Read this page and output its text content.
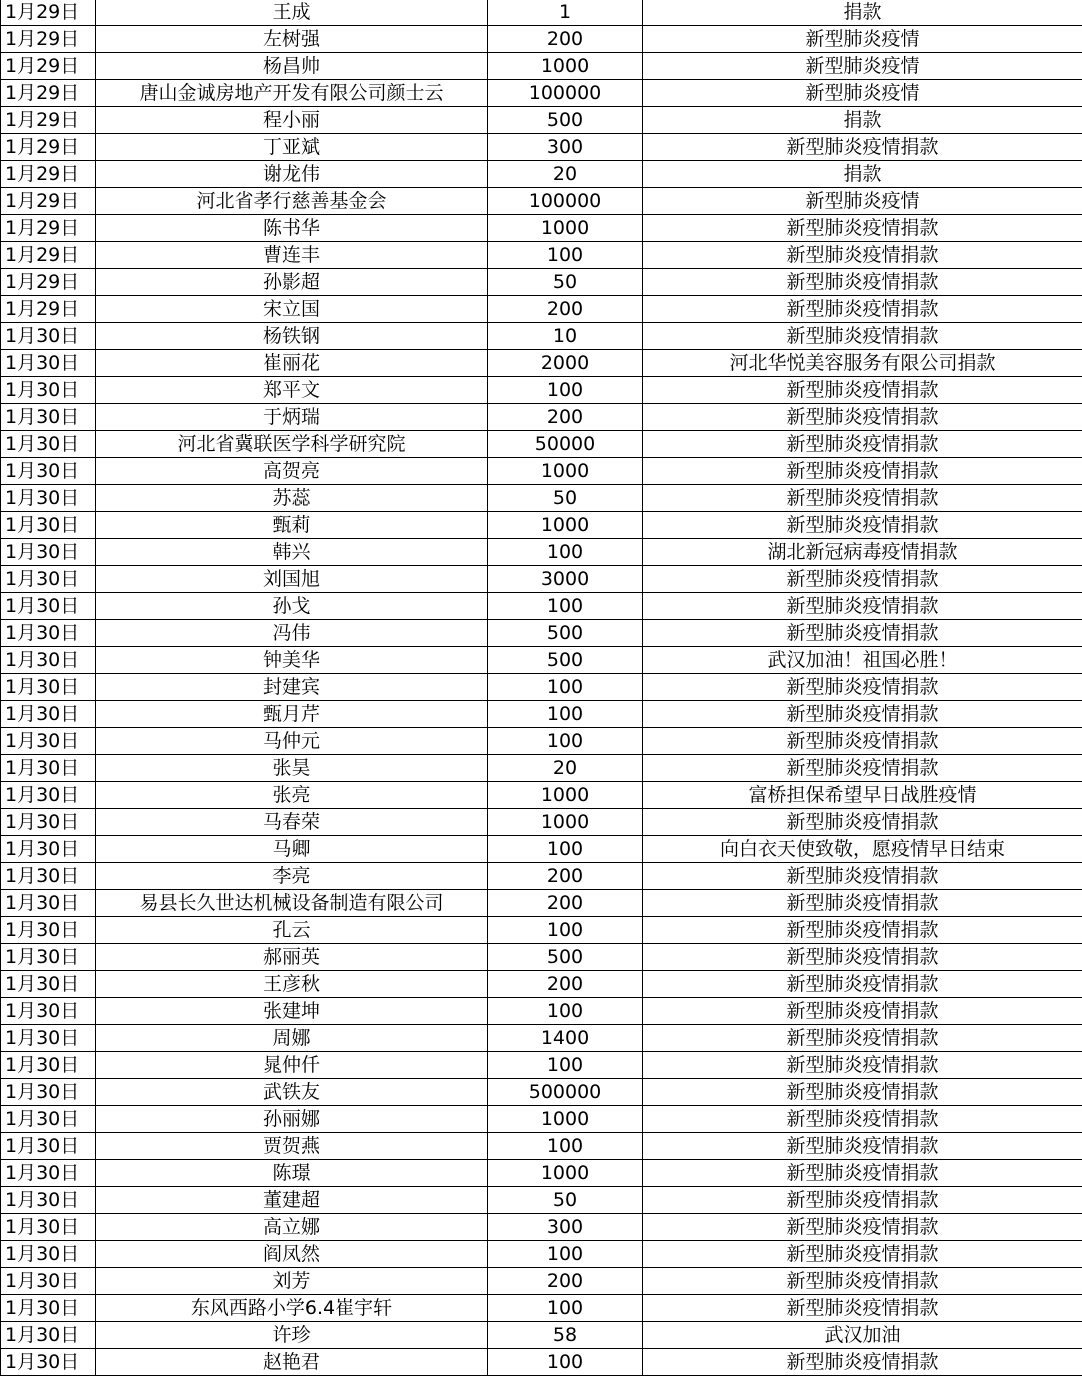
1月29日	王成	1	捐款
1月29日	左树强	200	新型肺炎疫情
1月29日	杨昌帅	1000	新型肺炎疫情
1月29日	唐山金诚房地产开发有限公司颜士云	100000	新型肺炎疫情
1月29日	程小丽	500	捐款
1月29日	丁亚斌	300	新型肺炎疫情捐款
1月29日	谢龙伟	20	捐款
1月29日	河北省孝行慈善基金会	100000	新型肺炎疫情
1月29日	陈书华	1000	新型肺炎疫情捐款
1月29日	曹连丰	100	新型肺炎疫情捐款
1月29日	孙影超	50	新型肺炎疫情捐款
1月29日	宋立国	200	新型肺炎疫情捐款
1月30日	杨铁钢	10	新型肺炎疫情捐款
1月30日	崔丽花	2000	河北华悦美容服务有限公司捐款
1月30日	郑平文	100	新型肺炎疫情捐款
1月30日	于炳瑞	200	新型肺炎疫情捐款
1月30日	河北省冀联医学科学研究院	50000	新型肺炎疫情捐款
1月30日	高贺亮	1000	新型肺炎疫情捐款
1月30日	苏蕊	50	新型肺炎疫情捐款
1月30日	甄莉	1000	新型肺炎疫情捐款
1月30日	韩兴	100	湖北新冠病毒疫情捐款
1月30日	刘国旭	3000	新型肺炎疫情捐款
1月30日	孙戈	100	新型肺炎疫情捐款
1月30日	冯伟	500	新型肺炎疫情捐款
1月30日	钟美华	500	武汉加油！祖国必胜！
1月30日	封建宾	100	新型肺炎疫情捐款
1月30日	甄月芹	100	新型肺炎疫情捐款
1月30日	马仲元	100	新型肺炎疫情捐款
1月30日	张昊	20	新型肺炎疫情捐款
1月30日	张亮	1000	富桥担保希望早日战胜疫情
1月30日	马春荣	1000	新型肺炎疫情捐款
1月30日	马卿	100	向白衣天使致敬，愿疫情早日结束
1月30日	李亮	200	新型肺炎疫情捐款
1月30日	易县长久世达机械设备制造有限公司	200	新型肺炎疫情捐款
1月30日	孔云	100	新型肺炎疫情捐款
1月30日	郝丽英	500	新型肺炎疫情捐款
1月30日	王彦秋	200	新型肺炎疫情捐款
1月30日	张建坤	100	新型肺炎疫情捐款
1月30日	周娜	1400	新型肺炎疫情捐款
1月30日	晁仲仟	100	新型肺炎疫情捐款
1月30日	武铁友	500000	新型肺炎疫情捐款
1月30日	孙丽娜	1000	新型肺炎疫情捐款
1月30日	贾贺燕	100	新型肺炎疫情捐款
1月30日	陈璟	1000	新型肺炎疫情捐款
1月30日	董建超	50	新型肺炎疫情捐款
1月30日	高立娜	300	新型肺炎疫情捐款
1月30日	阎凤然	100	新型肺炎疫情捐款
1月30日	刘芳	200	新型肺炎疫情捐款
1月30日	东风西路小学6.4崔宇轩	100	新型肺炎疫情捐款
1月30日	许珍	58	武汉加油
1月30日	赵艳君	100	新型肺炎疫情捐款
